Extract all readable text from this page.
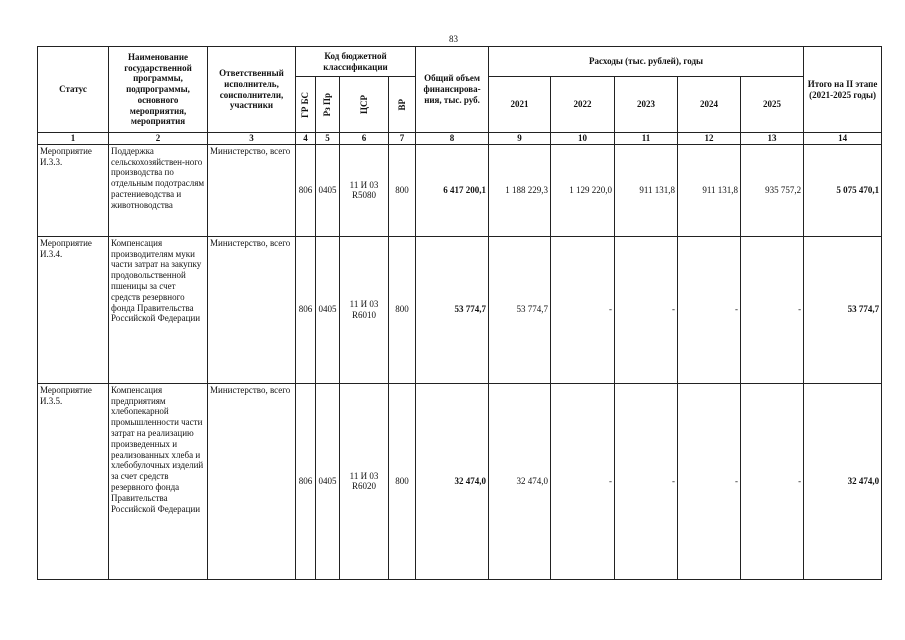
83
Статус	Наименование государственной программы, подпрограммы, основного мероприятия, мероприятия	Ответственный исполнитель, соисполнители, участники	Код бюджетной классификации				Общий объем финансирова-ния, тыс. руб.	Расходы (тыс. рублей), годы					Итого на II этапе (2021-2025 годы)

			ГР БС	Рз Пр	ЦСР	ВР		2021	2022	2023	2024	2025	
1	2	3	4	5	6	7	8	9	10	11	12	13	14
Мероприятие И.3.3.	Поддержка сельскохозяйствен-ного производства по отдельным подотраслям растениеводства и животноводства	Министерство, всего	806	0405	11 И 03 R5080	800	6 417 200,1	1 188 229,3	1 129 220,0	911 131,8	911 131,8	935 757,2	5 075 470,1
Мероприятие И.3.4.	Компенсация производителям муки части затрат на закупку продовольственной пшеницы за счет средств резервного фонда Правительства Российской Федерации	Министерство, всего	806	0405	11 И 03 R6010	800	53 774,7	53 774,7	-	-	-	-	53 774,7
Мероприятие И.3.5.	Компенсация предприятиям хлебопекарной промышленности части затрат на реализацию произведенных и реализованных хлеба и хлебобулочных изделий за счет средств резервного фонда Правительства Российской Федерации	Министерство, всего	806	0405	11 И 03 R6020	800	32 474,0	32 474,0	-	-	-	-	32 474,0
